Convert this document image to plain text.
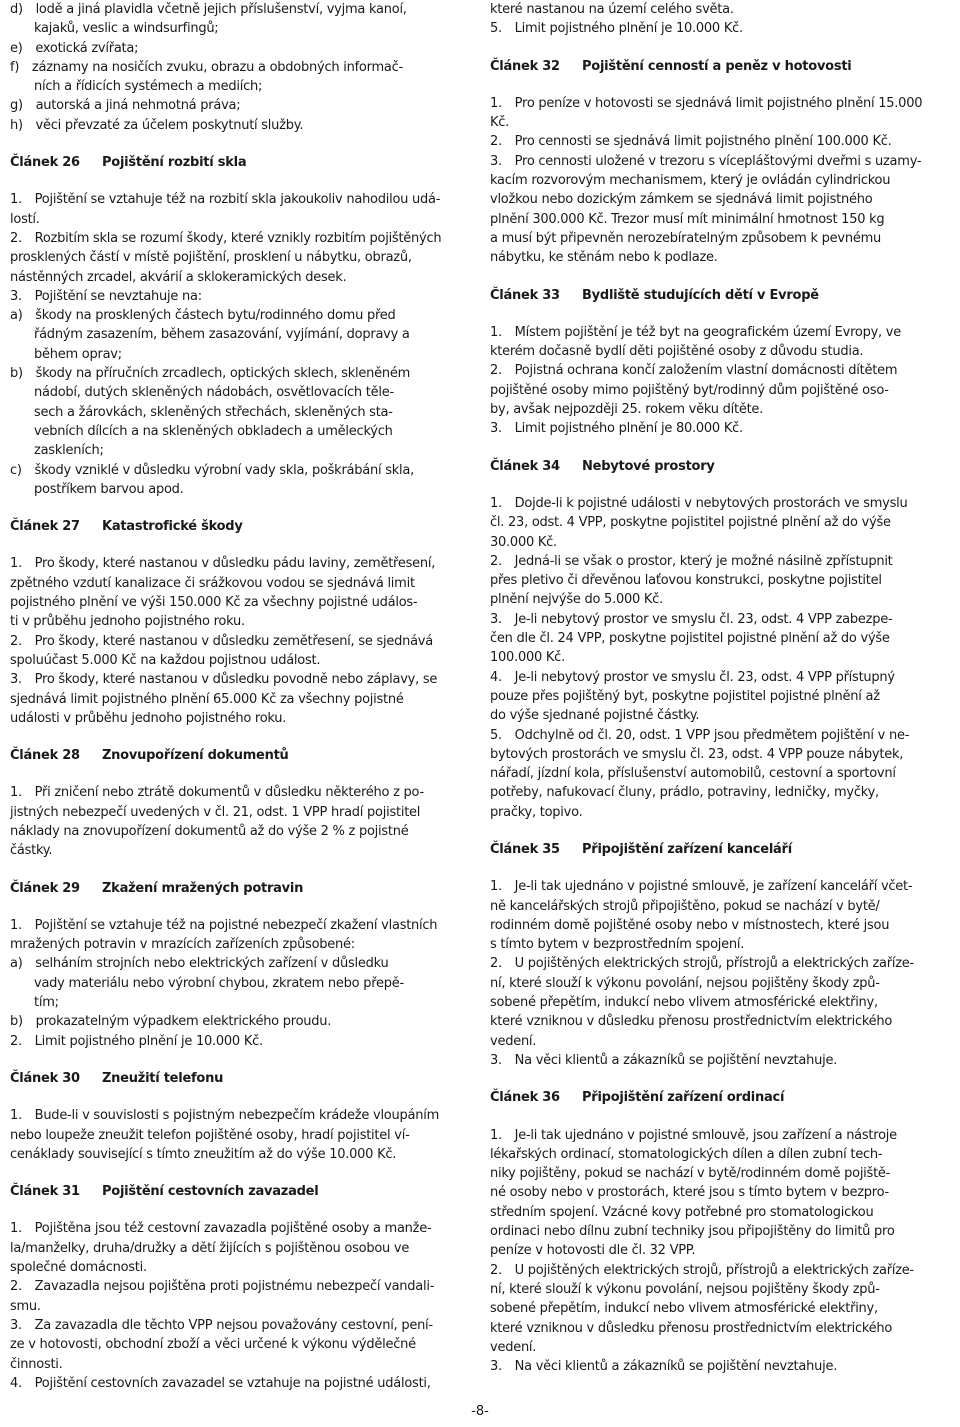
d) lodě a jiná plavidla včetně jejich příslušenství, vyjma kanoí,
kajaků, veslic a windsurfingů;
e) exotická zvířata;
f) záznamy na nosičích zvuku, obrazu a obdobných informač-
ních a řídicích systémech a mediích;
g) autorská a jiná nehmotná práva;
h) věci převzaté za účelem poskytnutí služby.
Článek 26	Pojištění rozbití skla
1. Pojištění se vztahuje též na rozbití skla jakoukoliv nahodilou udá-
lostí.
2. Rozbitím skla se rozumí škody, které vznikly rozbitím pojištěných
prosklených částí v místě pojištění, prosklení u nábytku, obrazů,
nástěnných zrcadel, akvárií a sklokeramických desek.
3. Pojištění se nevztahuje na:
a) škody na prosklených částech bytu/rodinného domu před
řádným zasazením, během zasazování, vyjímání, dopravy a
během oprav;
b) škody na příručních zrcadlech, optických sklech, skleněném
nádobí, dutých skleněných nádobách, osvětlovacích těle-
sech a žárovkách, skleněných střechách, skleněných sta-
vebních dílcích a na skleněných obkladech a uměleckých
zaskleních;
c) škody vzniklé v důsledku výrobní vady skla, poškrábání skla,
postříkem barvou apod.
Článek 27	Katastrofické škody
1. Pro škody, které nastanou v důsledku pádu laviny, zemětřesení,
zpětného vzdutí kanalizace či srážkovou vodou se sjednává limit
pojistného plnění ve výši 150.000 Kč za všechny pojistné událos-
ti v průběhu jednoho pojistného roku.
2. Pro škody, které nastanou v důsledku zemětřesení, se sjednává
spoluúčast 5.000 Kč na každou pojistnou událost.
3. Pro škody, které nastanou v důsledku povodně nebo záplavy, se
sjednává limit pojistného plnění 65.000 Kč za všechny pojistné
události v průběhu jednoho pojistného roku.
Článek 28	Znovupořízení dokumentů
1. Při zničení nebo ztrátě dokumentů v důsledku některého z po-
jistných nebezpečí uvedených v čl. 21, odst. 1 VPP hradí pojistitel
náklady na znovupořízení dokumentů až do výše 2 % z pojistné
částky.
Článek 29	Zkažení mražených potravin
1. Pojištění se vztahuje též na pojistné nebezpečí zkažení vlastních
mražených potravin v mrazících zařízeních způsobené:
a) selháním strojních nebo elektrických zařízení v důsledku
vady materiálu nebo výrobní chybou, zkratem nebo přepě-
tím;
b) prokazatelným výpadkem elektrického proudu.
2. Limit pojistného plnění je 10.000 Kč.
Článek 30	Zneužití telefonu
1. Bude-li v souvislosti s pojistným nebezpečím krádeže vloupáním
nebo loupeže zneužit telefon pojištěné osoby, hradí pojistitel ví-
cenáklady související s tímto zneužitím až do výše 10.000 Kč.
Článek 31	Pojištění cestovních zavazadel
1. Pojištěna jsou též cestovní zavazadla pojištěné osoby a manže-
la/manželky, druha/družky a dětí žijících s pojištěnou osobou ve
společné domácnosti.
2. Zavazadla nejsou pojištěna proti pojistnému nebezpečí vandali-
smu.
3. Za zavazadla dle těchto VPP nejsou považovány cestovní, pení-
ze v hotovosti, obchodní zboží a věci určené k výkonu výdělečné
činnosti.
4. Pojištění cestovních zavazadel se vztahuje na pojistné události,
které nastanou na území celého světa.
5. Limit pojistného plnění je 10.000 Kč.
Článek 32	Pojištění cenností a peněz v hotovosti
1. Pro peníze v hotovosti se sjednává limit pojistného plnění 15.000
Kč.
2. Pro cennosti se sjednává limit pojistného plnění 100.000 Kč.
3. Pro cennosti uložené v trezoru s vícepláštovými dveřmi s uzamy-
kacím rozvorovým mechanismem, který je ovládán cylindrickou
vložkou nebo dozickým zámkem se sjednává limit pojistného
plnění 300.000 Kč. Trezor musí mít minimální hmotnost 150 kg
a musí být připevněn nerozebíratelným způsobem k pevnému
nábytku, ke stěnám nebo k podlaze.
Článek 33	Bydliště studujících dětí v Evropě
1. Místem pojištění je též byt na geografickém území Evropy, ve
kterém dočasně bydlí děti pojištěné osoby z důvodu studia.
2. Pojistná ochrana končí založením vlastní domácnosti dítětem
pojištěné osoby mimo pojištěný byt/rodinný dům pojištěné oso-
by, avšak nejpozději 25. rokem věku dítěte.
3. Limit pojistného plnění je 80.000 Kč.
Článek 34	Nebytové prostory
1. Dojde-li k pojistné události v nebytových prostorách ve smyslu
čl. 23, odst. 4 VPP, poskytne pojistitel pojistné plnění až do výše
30.000 Kč.
2. Jedná-li se však o prostor, který je možné násilně zpřístupnit
přes pletivo či dřevěnou laťovou konstrukci, poskytne pojistitel
plnění nejvýše do 5.000 Kč.
3. Je-li nebytový prostor ve smyslu čl. 23, odst. 4 VPP zabezpe-
čen dle čl. 24 VPP, poskytne pojistitel pojistné plnění až do výše
100.000 Kč.
4. Je-li nebytový prostor ve smyslu čl. 23, odst. 4 VPP přístupný
pouze přes pojištěný byt, poskytne pojistitel pojistné plnění až
do výše sjednané pojistné částky.
5. Odchylně od čl. 20, odst. 1 VPP jsou předmětem pojištění v ne-
bytových prostorách ve smyslu čl. 23, odst. 4 VPP pouze nábytek,
nářadí, jízdní kola, příslušenství automobilů, cestovní a sportovní
potřeby, nafukovací čluny, prádlo, potraviny, ledničky, myčky,
pračky, topivo.
Článek 35	Připojištění zařízení kanceláří
1. Je-li tak ujednáno v pojistné smlouvě, je zařízení kanceláří včet-
ně kancelářských strojů připojištěno, pokud se nachází v bytě/
rodinném domě pojištěné osoby nebo v místnostech, které jsou
s tímto bytem v bezprostředním spojení.
2. U pojištěných elektrických strojů, přístrojů a elektrických zaříze-
ní, které slouží k výkonu povolání, nejsou pojištěny škody způ-
sobené přepětím, indukcí nebo vlivem atmosférické elektřiny,
které vzniknou v důsledku přenosu prostřednictvím elektrického
vedení.
3. Na věci klientů a zákazníků se pojištění nevztahuje.
Článek 36	Připojištění zařízení ordinací
1. Je-li tak ujednáno v pojistné smlouvě, jsou zařízení a nástroje
lékařských ordinací, stomatologických dílen a dílen zubní tech-
niky pojištěny, pokud se nachází v bytě/rodinném domě pojiště-
né osoby nebo v prostorách, které jsou s tímto bytem v bezpro-
středním spojení. Vzácné kovy potřebné pro stomatologickou
ordinaci nebo dílnu zubní techniky jsou připojištěny do limitů pro
peníze v hotovosti dle čl. 32 VPP.
2. U pojištěných elektrických strojů, přístrojů a elektrických zaříze-
ní, které slouží k výkonu povolání, nejsou pojištěny škody způ-
sobené přepětím, indukcí nebo vlivem atmosférické elektřiny,
které vzniknou v důsledku přenosu prostřednictvím elektrického
vedení.
3. Na věci klientů a zákazníků se pojištění nevztahuje.
-8-
